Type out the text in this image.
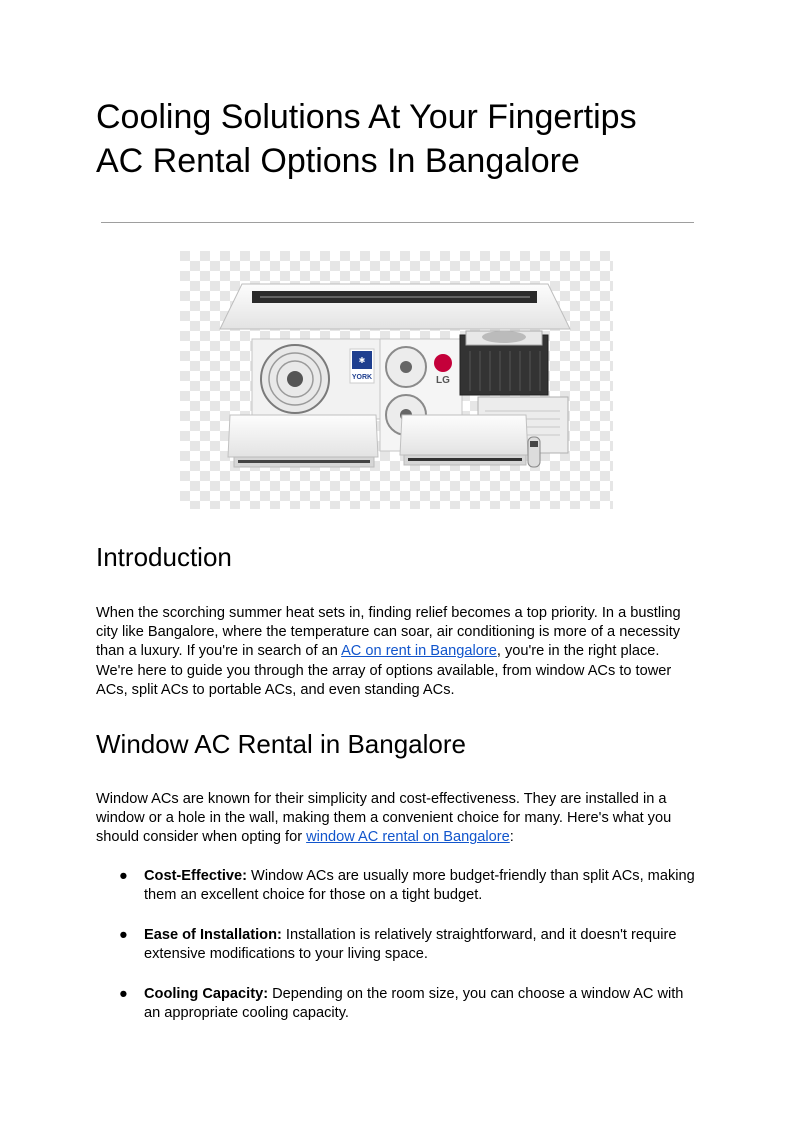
Cooling Solutions At Your Fingertips
AC Rental Options In Bangalore
✱
YORK	LG
Introduction

When the scorching summer heat sets in, finding relief becomes a top priority. In a bustling city like Bangalore, where the temperature can soar, air conditioning is more of a necessity than a luxury. If you're in search of an AC on rent in Bangalore, you're in the right place. We're here to guide you through the array of options available, from window ACs to tower ACs, split ACs to portable ACs, and even standing ACs.

Window AC Rental in Bangalore

Window ACs are known for their simplicity and cost-effectiveness. They are installed in a window or a hole in the wall, making them a convenient choice for many. Here's what you should consider when opting for window AC rental on Bangalore:

● Cost-Effective: Window ACs are usually more budget-friendly than split ACs, making them an excellent choice for those on a tight budget.
● Ease of Installation: Installation is relatively straightforward, and it doesn't require extensive modifications to your living space.
● Cooling Capacity: Depending on the room size, you can choose a window AC with an appropriate cooling capacity.
